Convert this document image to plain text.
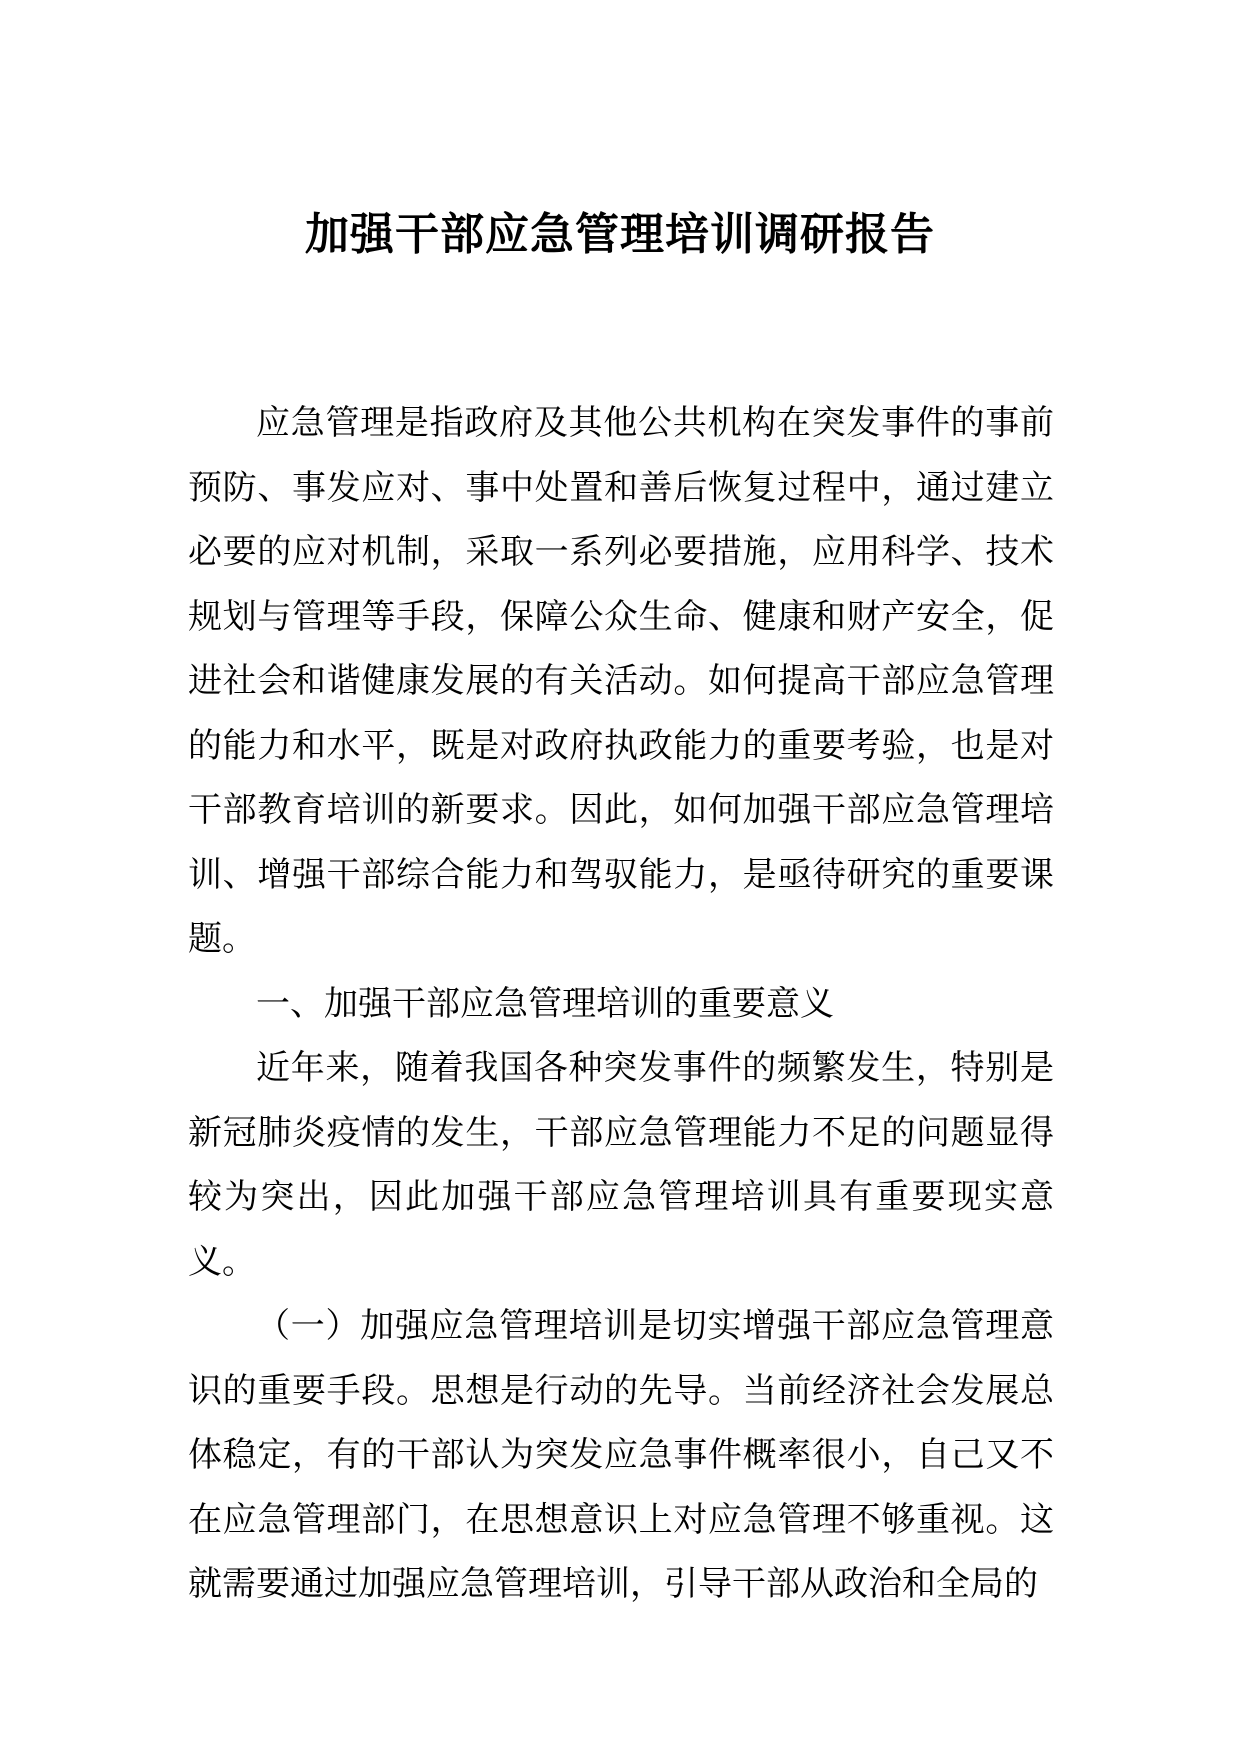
加强干部应急管理培训调研报告

应急管理是指政府及其他公共机构在突发事件的事前预防、事发应对、事中处置和善后恢复过程中，通过建立必要的应对机制，采取一系列必要措施，应用科学、技术规划与管理等手段，保障公众生命、健康和财产安全，促进社会和谐健康发展的有关活动。如何提高干部应急管理的能力和水平，既是对政府执政能力的重要考验，也是对干部教育培训的新要求。因此，如何加强干部应急管理培训、增强干部综合能力和驾驭能力，是亟待研究的重要课题。

一、加强干部应急管理培训的重要意义

近年来，随着我国各种突发事件的频繁发生，特别是新冠肺炎疫情的发生，干部应急管理能力不足的问题显得较为突出，因此加强干部应急管理培训具有重要现实意义。

（一）加强应急管理培训是切实增强干部应急管理意识的重要手段。思想是行动的先导。当前经济社会发展总体稳定，有的干部认为突发应急事件概率很小，自己又不在应急管理部门，在思想意识上对应急管理不够重视。这就需要通过加强应急管理培训，引导干部从政治和全局的
